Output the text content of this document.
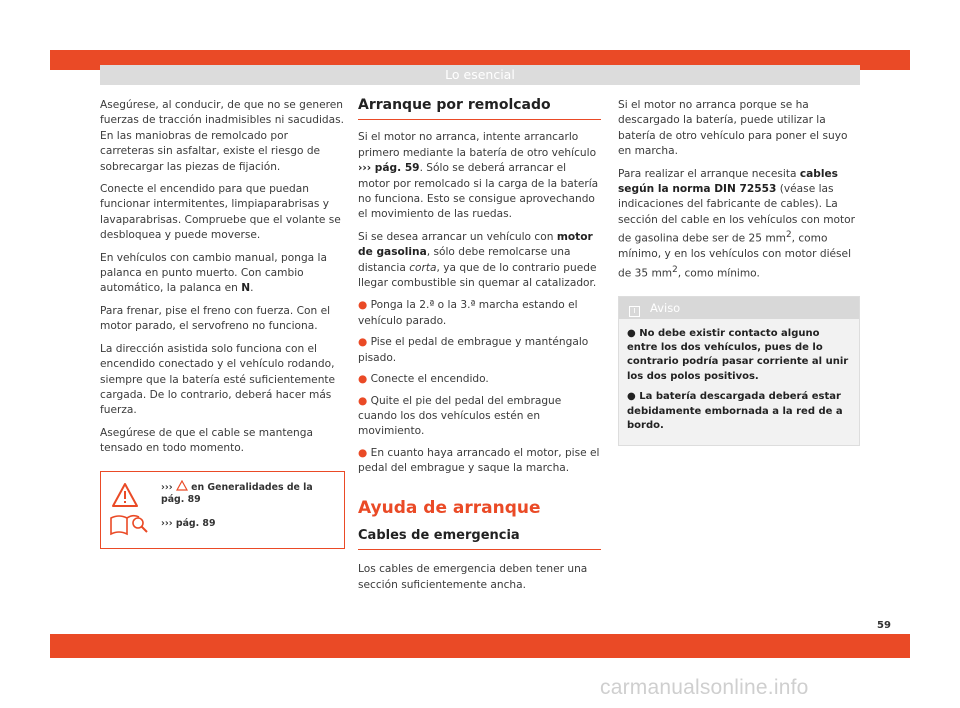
Lo esencial

Asegúrese, al conducir, de que no se generen fuerzas de tracción inadmisibles ni sacudidas. En las maniobras de remolcado por carreteras sin asfaltar, existe el riesgo de sobrecargar las piezas de fijación.

Conecte el encendido para que puedan funcionar intermitentes, limpiaparabrisas y lavaparabrisas. Compruebe que el volante se desbloquea y puede moverse.

En vehículos con cambio manual, ponga la palanca en punto muerto. Con cambio automático, la palanca en N.

Para frenar, pise el freno con fuerza. Con el motor parado, el servofreno no funciona.

La dirección asistida solo funciona con el encendido conectado y el vehículo rodando, siempre que la batería esté suficientemente cargada. De lo contrario, deberá hacer más fuerza.

Asegúrese de que el cable se mantenga tensado en todo momento.

››› en Generalidades de la pág. 89
››› pág. 89
Arranque por remolcado

Si el motor no arranca, intente arrancarlo primero mediante la batería de otro vehículo ››› pág. 59. Sólo se deberá arrancar el motor por remolcado si la carga de la batería no funciona. Esto se consigue aprovechando el movimiento de las ruedas.

Si se desea arrancar un vehículo con motor de gasolina, sólo debe remolcarse una distancia corta, ya que de lo contrario puede llegar combustible sin quemar al catalizador.

● Ponga la 2.ª o la 3.ª marcha estando el vehículo parado.
● Pise el pedal de embrague y manténgalo pisado.
● Conecte el encendido.
● Quite el pie del pedal del embrague cuando los dos vehículos estén en movimiento.
● En cuanto haya arrancado el motor, pise el pedal del embrague y saque la marcha.
Ayuda de arranque
Cables de emergencia

Los cables de emergencia deben tener una sección suficientemente ancha.

Si el motor no arranca porque se ha descargado la batería, puede utilizar la batería de otro vehículo para poner el suyo en marcha.

Para realizar el arranque necesita cables según la norma DIN 72553 (véase las indicaciones del fabricante de cables). La sección del cable en los vehículos con motor de gasolina debe ser de 25 $mm^2$, como mínimo, y en los vehículos con motor diésel de 35 $mm^2$, como mínimo.

i Aviso
● No debe existir contacto alguno entre los dos vehículos, pues de lo contrario podría pasar corriente al unir los dos polos positivos.
● La batería descargada deberá estar debidamente embornada a la red de a bordo.
59
carmanualsonline.info
